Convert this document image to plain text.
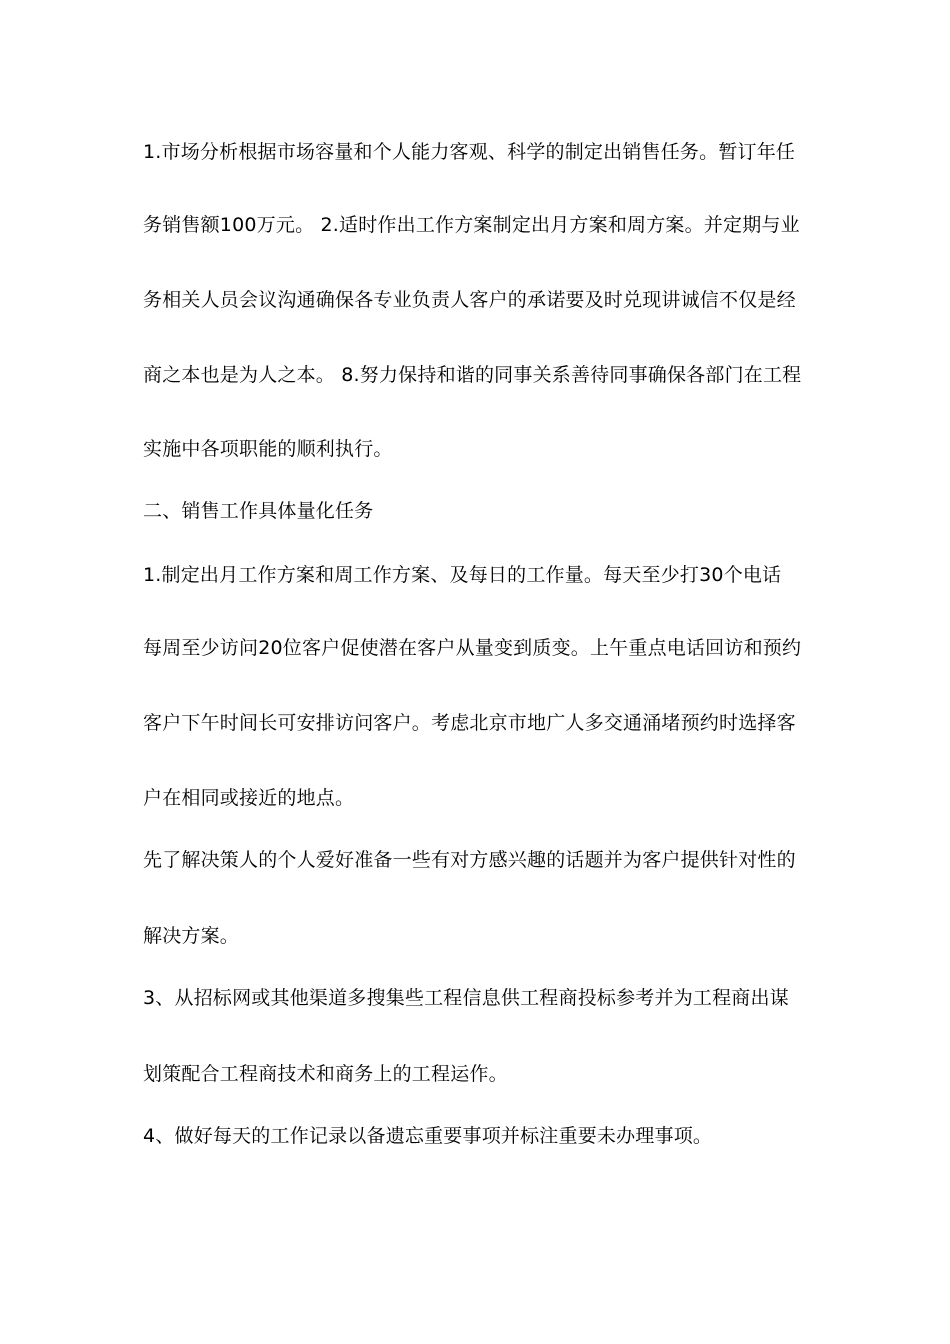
1.市场分析根据市场容量和个人能力客观、科学的制定出销售任务。暂订年任
务销售额100万元。 2.适时作出工作方案制定出月方案和周方案。并定期与业
务相关人员会议沟通确保各专业负责人客户的承诺要及时兑现讲诚信不仅是经
商之本也是为人之本。 8.努力保持和谐的同事关系善待同事确保各部门在工程
实施中各项职能的顺利执行。
二、销售工作具体量化任务
1.制定出月工作方案和周工作方案、及每日的工作量。每天至少打30个电话
每周至少访问20位客户促使潜在客户从量变到质变。上午重点电话回访和预约
客户下午时间长可安排访问客户。考虑北京市地广人多交通涌堵预约时选择客
户在相同或接近的地点。
先了解决策人的个人爱好准备一些有对方感兴趣的话题并为客户提供针对性的
解决方案。
3、从招标网或其他渠道多搜集些工程信息供工程商投标参考并为工程商出谋
划策配合工程商技术和商务上的工程运作。
4、做好每天的工作记录以备遗忘重要事项并标注重要未办理事项。
